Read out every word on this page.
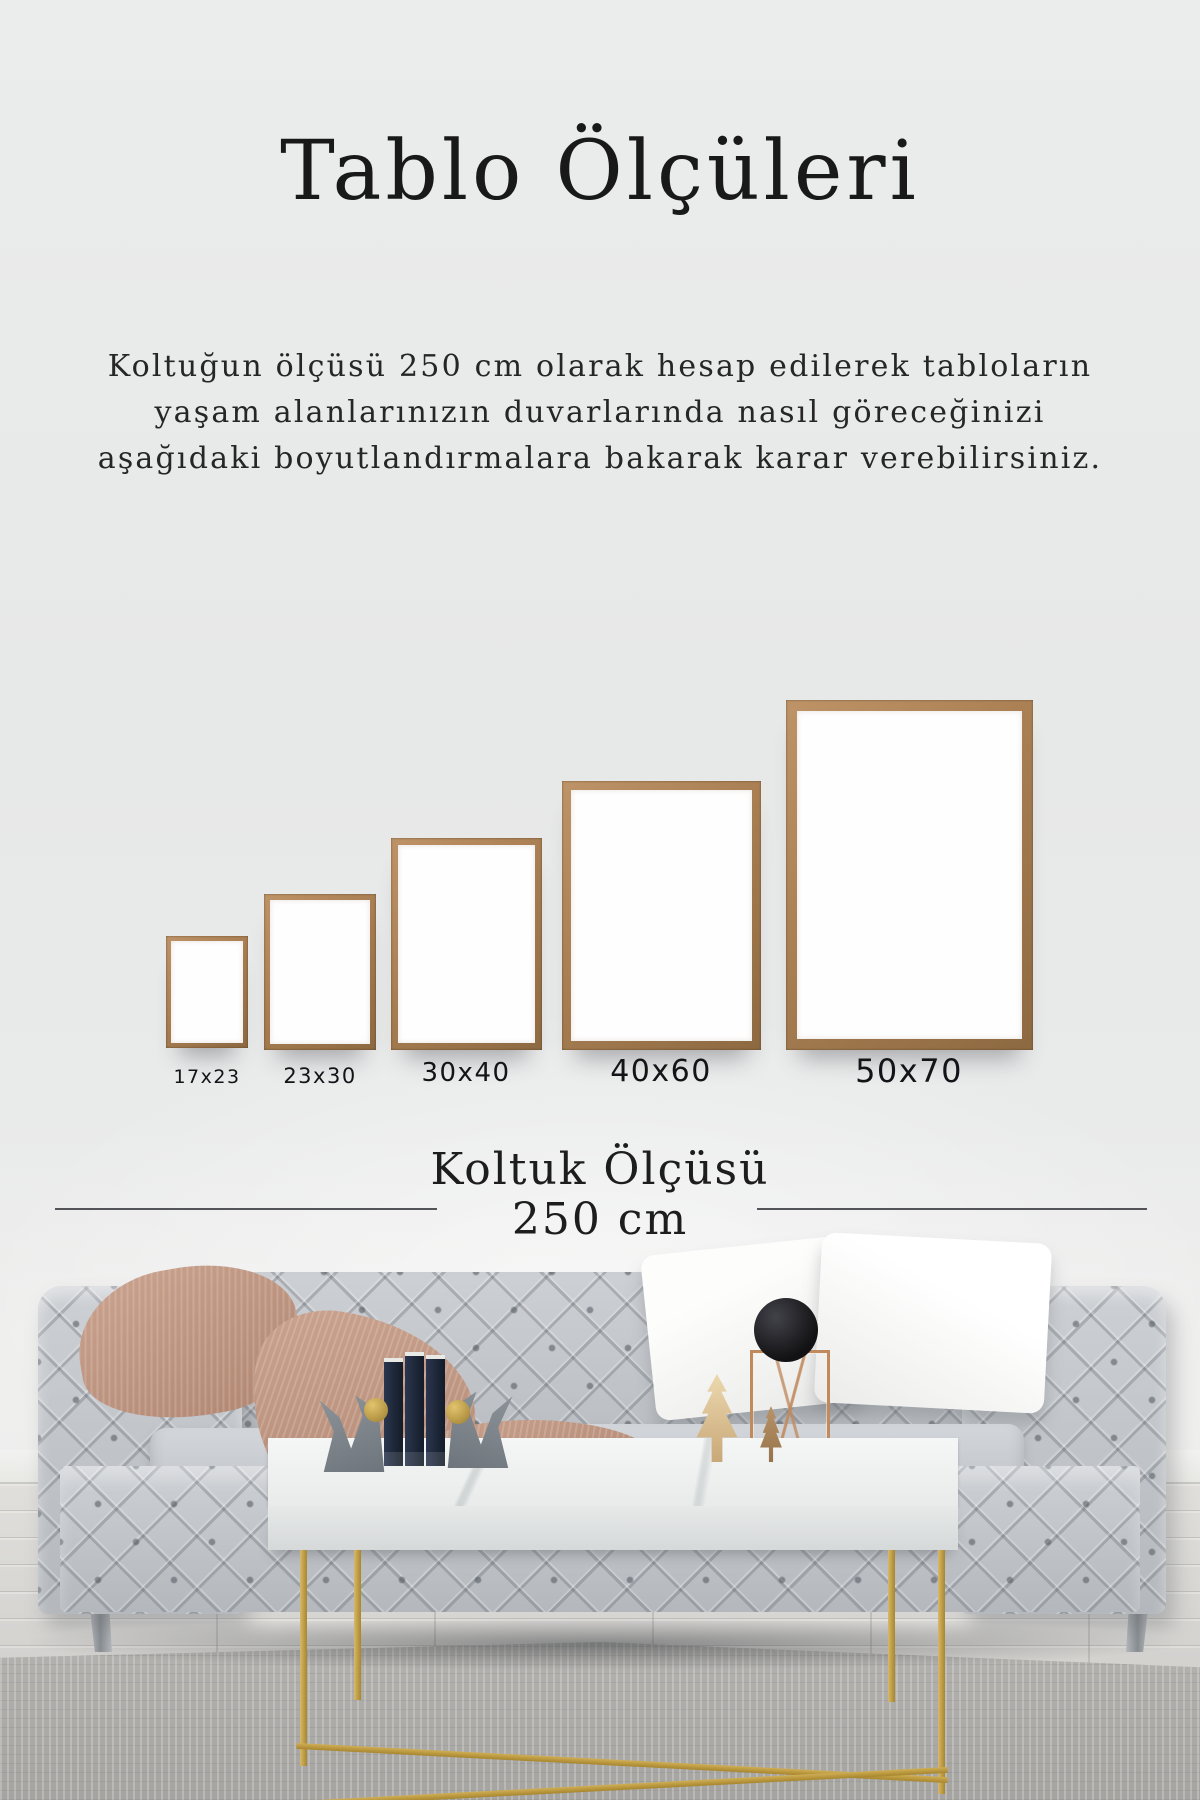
Tablo Ölçüleri
Koltuğun ölçüsü 250 cm olarak hesap edilerek tabloların
yaşam alanlarınızın duvarlarında nasıl göreceğinizi
aşağıdaki boyutlandırmalara bakarak karar verebilirsiniz.
17x23 23x30 30x40	40x60	50x70
Koltuk Ölçüsü
250 cm
